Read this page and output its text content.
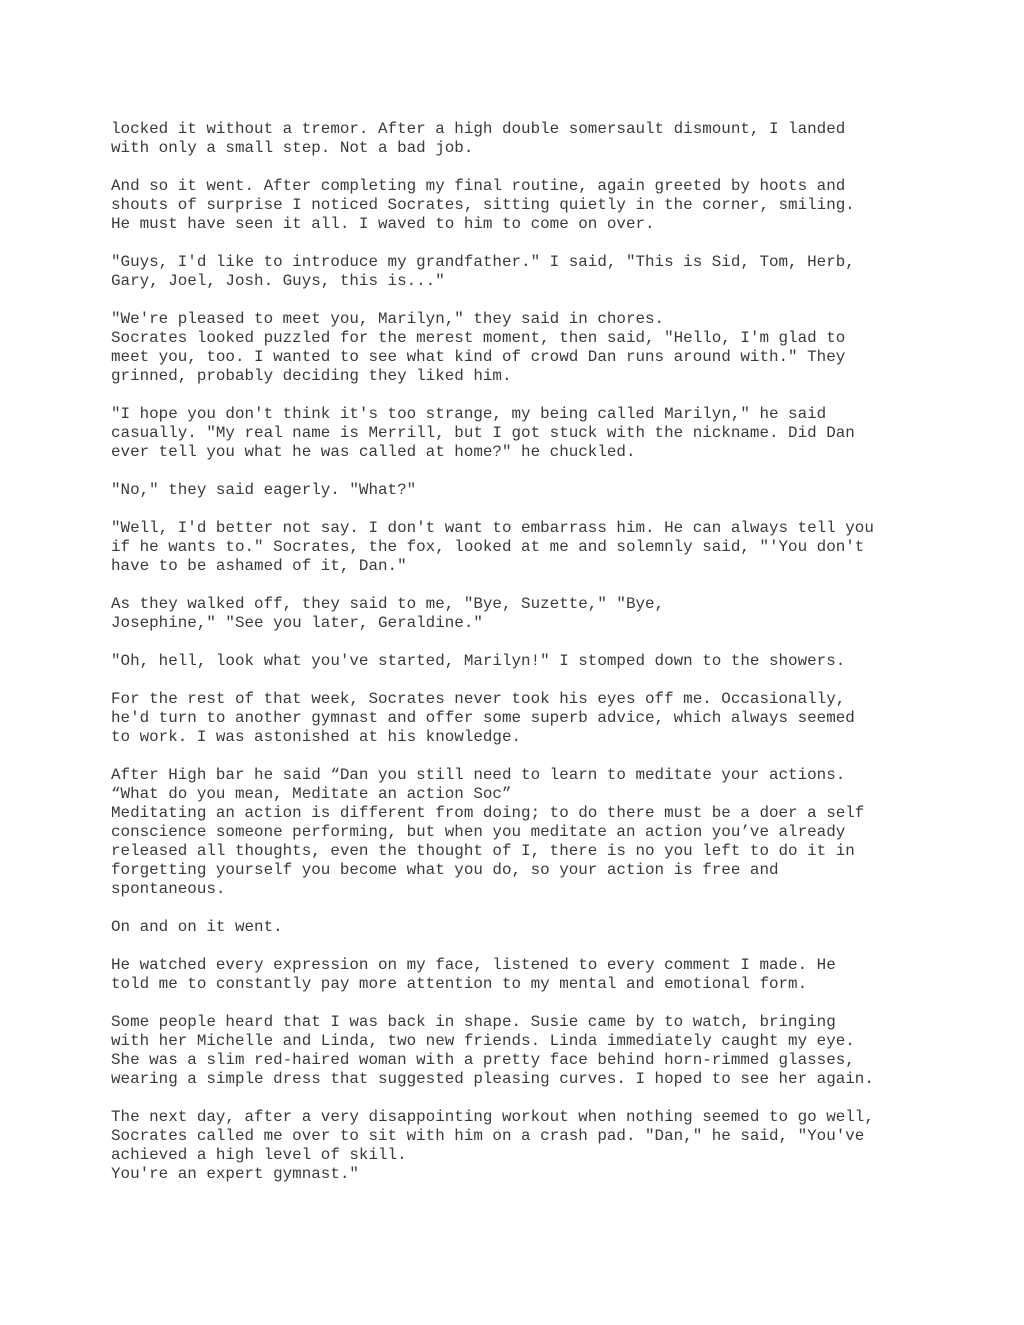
locked it without a tremor. After a high double somersault dismount, I landed
with only a small step. Not a bad job.
And so it went. After completing my final routine, again greeted by hoots and
shouts of surprise I noticed Socrates, sitting quietly in the corner, smiling.
He must have seen it all. I waved to him to come on over.
"Guys, I'd like to introduce my grandfather." I said, "This is Sid, Tom, Herb,
Gary, Joel, Josh. Guys, this is..."
"We're pleased to meet you, Marilyn," they said in chores.
Socrates looked puzzled for the merest moment, then said, "Hello, I'm glad to
meet you, too. I wanted to see what kind of crowd Dan runs around with." They
grinned, probably deciding they liked him.
"I hope you don't think it's too strange, my being called Marilyn," he said
casually. "My real name is Merrill, but I got stuck with the nickname. Did Dan
ever tell you what he was called at home?" he chuckled.
"No," they said eagerly. "What?"
"Well, I'd better not say. I don't want to embarrass him. He can always tell you
if he wants to." Socrates, the fox, looked at me and solemnly said, "'You don't
have to be ashamed of it, Dan."
As they walked off, they said to me, "Bye, Suzette," "Bye,
Josephine," "See you later, Geraldine."
"Oh, hell, look what you've started, Marilyn!" I stomped down to the showers.
For the rest of that week, Socrates never took his eyes off me. Occasionally,
he'd turn to another gymnast and offer some superb advice, which always seemed
to work. I was astonished at his knowledge.
After High bar he said “Dan you still need to learn to meditate your actions.
“What do you mean, Meditate an action Soc”
Meditating an action is different from doing; to do there must be a doer a self
conscience someone performing, but when you meditate an action you’ve already
released all thoughts, even the thought of I, there is no you left to do it in
forgetting yourself you become what you do, so your action is free and
spontaneous.
On and on it went.
He watched every expression on my face, listened to every comment I made. He
told me to constantly pay more attention to my mental and emotional form.
Some people heard that I was back in shape. Susie came by to watch, bringing
with her Michelle and Linda, two new friends. Linda immediately caught my eye.
She was a slim red-haired woman with a pretty face behind horn-rimmed glasses,
wearing a simple dress that suggested pleasing curves. I hoped to see her again.
The next day, after a very disappointing workout when nothing seemed to go well,
Socrates called me over to sit with him on a crash pad. "Dan," he said, "You've
achieved a high level of skill.
You're an expert gymnast."
